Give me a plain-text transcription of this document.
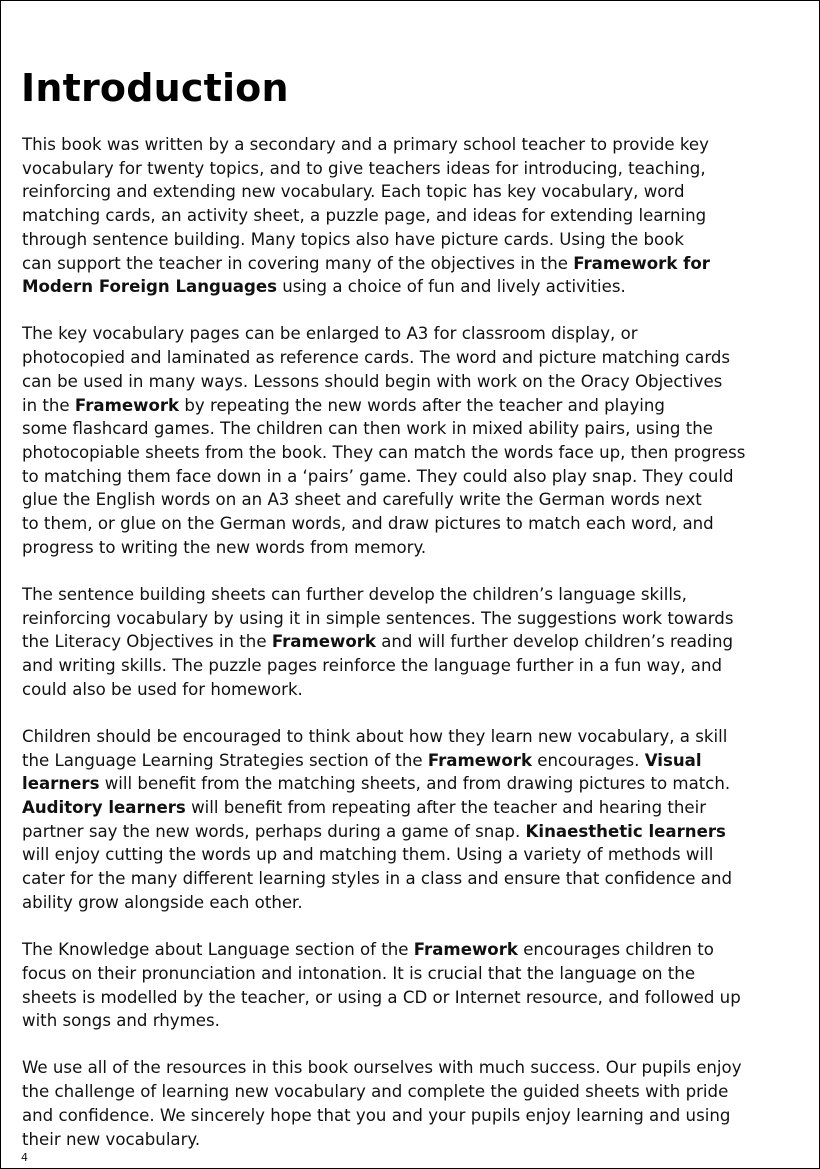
Introduction

This book was written by a secondary and a primary school teacher to provide key
vocabulary for twenty topics, and to give teachers ideas for introducing, teaching,
reinforcing and extending new vocabulary. Each topic has key vocabulary, word
matching cards, an activity sheet, a puzzle page, and ideas for extending learning
through sentence building. Many topics also have picture cards. Using the book
can support the teacher in covering many of the objectives in the Framework for
Modern Foreign Languages using a choice of fun and lively activities.

The key vocabulary pages can be enlarged to A3 for classroom display, or
photocopied and laminated as reference cards. The word and picture matching cards
can be used in many ways. Lessons should begin with work on the Oracy Objectives
in the Framework by repeating the new words after the teacher and playing
some flashcard games. The children can then work in mixed ability pairs, using the
photocopiable sheets from the book. They can match the words face up, then progress
to matching them face down in a ‘pairs’ game. They could also play snap. They could
glue the English words on an A3 sheet and carefully write the German words next
to them, or glue on the German words, and draw pictures to match each word, and
progress to writing the new words from memory.

The sentence building sheets can further develop the children’s language skills,
reinforcing vocabulary by using it in simple sentences. The suggestions work towards
the Literacy Objectives in the Framework and will further develop children’s reading
and writing skills. The puzzle pages reinforce the language further in a fun way, and
could also be used for homework.

Children should be encouraged to think about how they learn new vocabulary, a skill
the Language Learning Strategies section of the Framework encourages. Visual
learners will benefit from the matching sheets, and from drawing pictures to match.
Auditory learners will benefit from repeating after the teacher and hearing their
partner say the new words, perhaps during a game of snap. Kinaesthetic learners
will enjoy cutting the words up and matching them. Using a variety of methods will
cater for the many different learning styles in a class and ensure that confidence and
ability grow alongside each other.

The Knowledge about Language section of the Framework encourages children to
focus on their pronunciation and intonation. It is crucial that the language on the
sheets is modelled by the teacher, or using a CD or Internet resource, and followed up
with songs and rhymes.

We use all of the resources in this book ourselves with much success. Our pupils enjoy
the challenge of learning new vocabulary and complete the guided sheets with pride
and confidence. We sincerely hope that you and your pupils enjoy learning and using
their new vocabulary.

4
